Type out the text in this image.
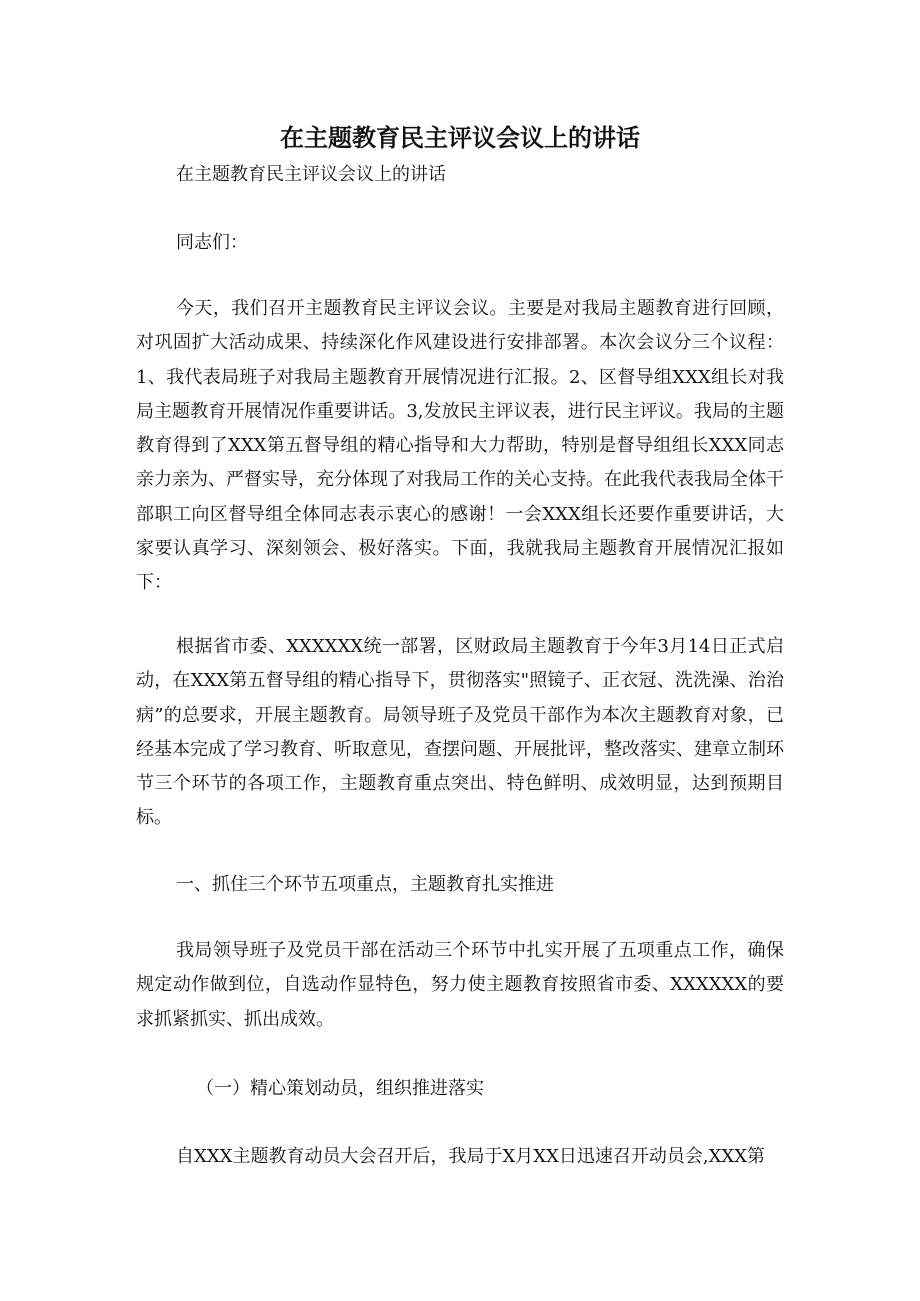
在主题教育民主评议会议上的讲话

在主题教育民主评议会议上的讲话

同志们：

今天，我们召开主题教育民主评议会议。主要是对我局主题教育进行回顾，对巩固扩大活动成果、持续深化作风建设进行安排部署。本次会议分三个议程：1、我代表局班子对我局主题教育开展情况进行汇报。2、区督导组XXX组长对我局主题教育开展情况作重要讲话。3,发放民主评议表，进行民主评议。我局的主题教育得到了XXX第五督导组的精心指导和大力帮助，特别是督导组组长XXX同志亲力亲为、严督实导，充分体现了对我局工作的关心支持。在此我代表我局全体干部职工向区督导组全体同志表示衷心的感谢！一会XXX组长还要作重要讲话，大家要认真学习、深刻领会、极好落实。下面，我就我局主题教育开展情况汇报如下：

根据省市委、XXXXXX统一部署，区财政局主题教育于今年3月14日正式启动，在XXX第五督导组的精心指导下，贯彻落实"照镜子、正衣冠、洗洗澡、治治病”的总要求，开展主题教育。局领导班子及党员干部作为本次主题教育对象，已经基本完成了学习教育、听取意见，查摆问题、开展批评，整改落实、建章立制环节三个环节的各项工作，主题教育重点突出、特色鲜明、成效明显，达到预期目标。

一、抓住三个环节五项重点，主题教育扎实推进

我局领导班子及党员干部在活动三个环节中扎实开展了五项重点工作，确保规定动作做到位，自选动作显特色，努力使主题教育按照省市委、XXXXXX的要求抓紧抓实、抓出成效。

（一）精心策划动员，组织推进落实

自XXX主题教育动员大会召开后，我局于X月XX日迅速召开动员会,XXX第
